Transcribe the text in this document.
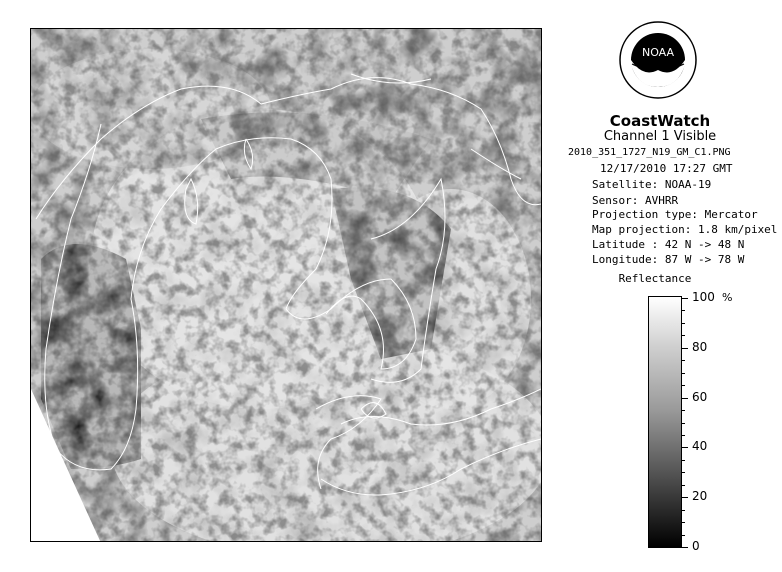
NOAA
CoastWatch
Channel 1 Visible
2010_351_1727_N19_GM_C1.PNG
12/17/2010 17:27 GMT
Satellite: NOAA-19
Sensor: AVHRR
Projection type: Mercator
Map projection: 1.8 km/pixel
Latitude : 42 N -> 48 N
Longitude: 87 W -> 78 W
Reflectance
%
100
80
60
40
20
0
